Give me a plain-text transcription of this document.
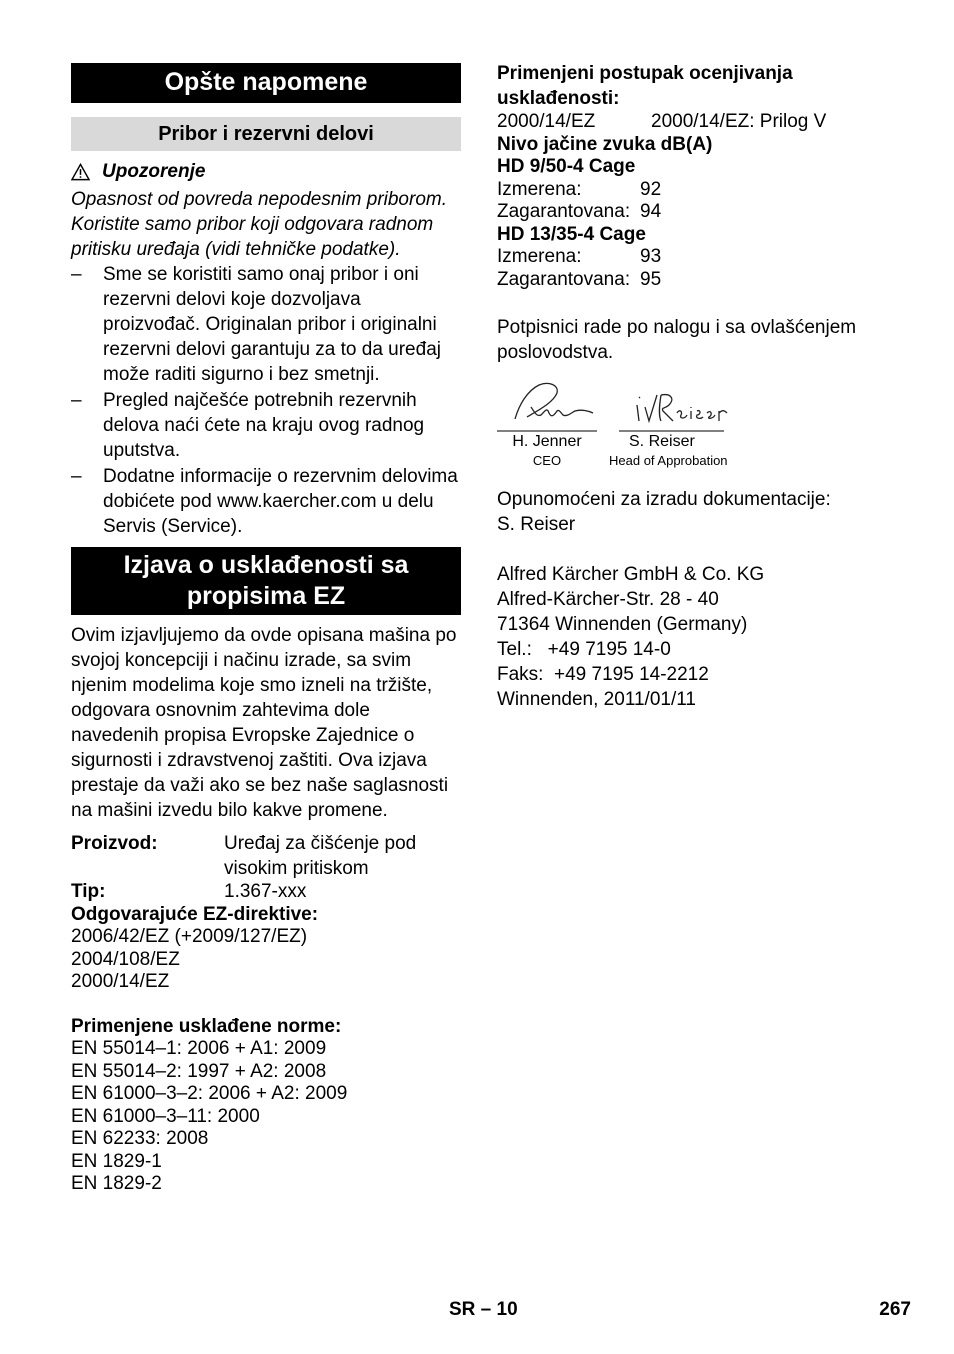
Opšte napomene
Pribor i rezervni delovi
Upozorenje

Opasnost od povreda nepodesnim priborom. Koristite samo pribor koji odgovara radnom pritisku uređaja (vidi tehničke podatke).

– Sme se koristiti samo onaj pribor i oni rezervni delovi koje dozvoljava proizvođač. Originalan pribor i originalni rezervni delovi garantuju za to da uređaj može raditi sigurno i bez smetnji.
– Pregled najčešće potrebnih rezervnih delova naći ćete na kraju ovog radnog uputstva.
– Dodatne informacije o rezervnim delovima dobićete pod www.kaercher.com u delu Servis (Service).
Izjava o usklađenosti sa propisima EZ

Ovim izjavljujemo da ovde opisana mašina po svojoj koncepciji i načinu izrade, sa svim njenim modelima koje smo izneli na tržište, odgovara osnovnim zahtevima dole navedenih propisa Evropske Zajednice o sigurnosti i zdravstvenoj zaštiti. Ova izjava prestaje da važi ako se bez naše saglasnosti na mašini izvedu bilo kakve promene.

Proizvod:	Uređaj za čišćenje pod visokim pritiskom
Tip:	1.367-xxx
Odgovarajuće EZ-direktive:
2006/42/EZ (+2009/127/EZ)
2004/108/EZ
2000/14/EZ
Primenjene usklađene norme:
EN 55014–1: 2006 + A1: 2009
EN 55014–2: 1997 + A2: 2008
EN 61000–3–2: 2006 + A2: 2009
EN 61000–3–11: 2000
EN 62233: 2008
EN 1829-1
EN 1829-2
Primenjeni postupak ocenjivanja usklađenosti:
2000/14/EZ	2000/14/EZ: Prilog V
Nivo jačine zvuka dB(A)
HD 9/50-4 Cage
Izmerena:	92
Zagarantovana: 94
HD 13/35-4 Cage
Izmerena:	93
Zagarantovana: 95

Potpisnici rade po nalogu i sa ovlašćenjem poslovodstva.

H. Jenner
CEO
S. Reiser
Head of Approbation
Opunomoćeni za izradu dokumentacije:
S. Reiser
Alfred Kärcher GmbH & Co. KG
Alfred-Kärcher-Str. 28 - 40
71364 Winnenden (Germany)
Tel.:   +49 7195 14-0
Faks:  +49 7195 14-2212
Winnenden, 2011/01/11
SR – 10	267
